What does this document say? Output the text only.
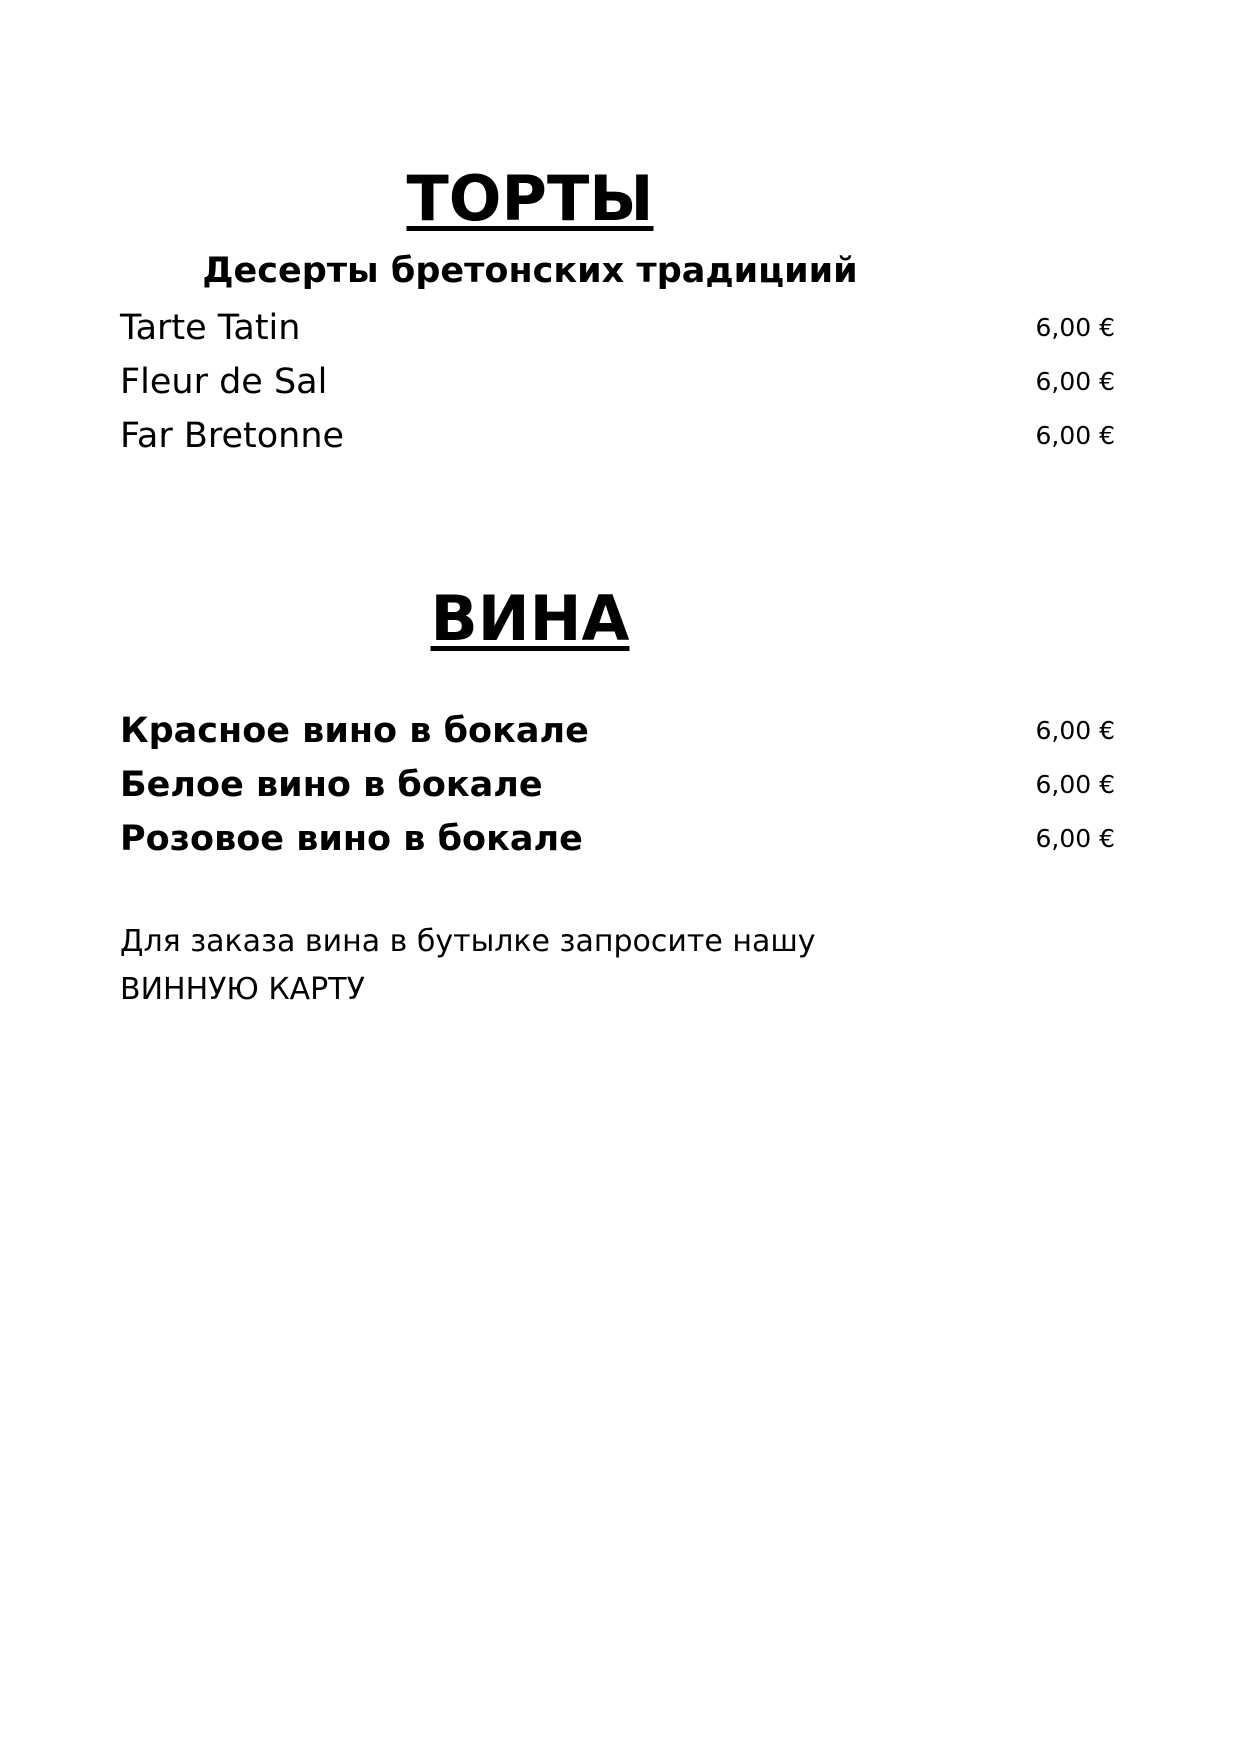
ТОРТЫ
Десерты бретонских традициий
Tarte Tatin	6,00 €
Fleur de Sal	6,00 €
Far Bretonne	6,00 €
ВИНА
Красное вино в бокале	6,00 €
Белое вино в бокале	6,00 €
Розовое вино в бокале	6,00 €

Для заказа вина в бутылке запросите нашу
ВИННУЮ КАРТУ
